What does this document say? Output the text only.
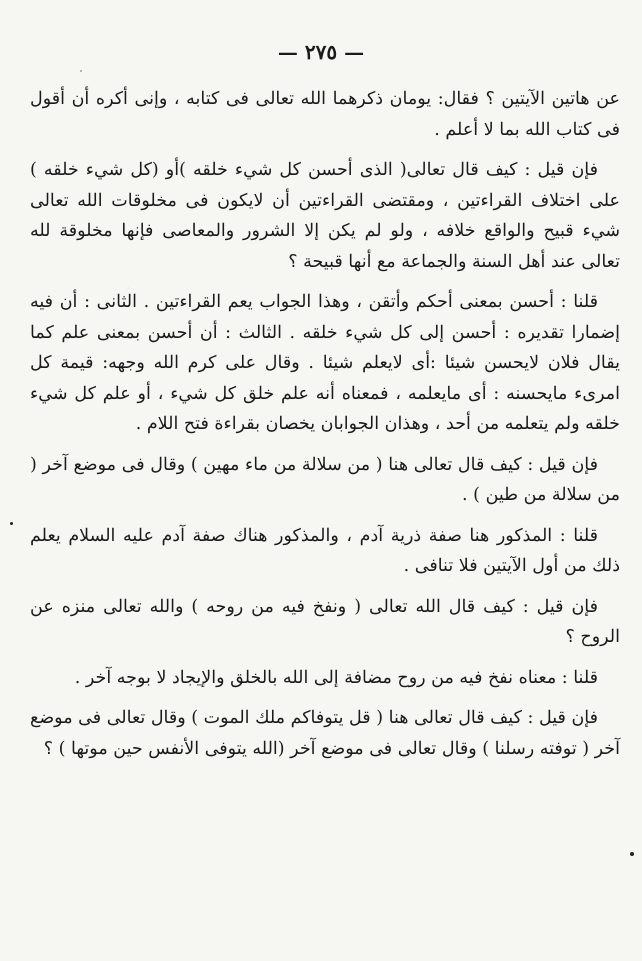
— ٢٧٥ —

عن هاتين الآيتين ؟ فقال: يومان ذكرهما الله تعالى فى كتابه ، وإنى أكره أن أقول فى كتاب الله بما لا أعلم .

فإن قيل : كيف قال تعالى( الذى أحسن كل شيء خلقه )أو (كل شيء خلقه ) على اختلاف القراءتين ، ومقتضى القراءتين أن لايكون فى مخلوقات الله تعالى شيء قبيح والواقع خلافه ، ولو لم يكن إلا الشرور والمعاصى فإنها مخلوقة لله تعالى عند أهل السنة والجماعة مع أنها قبيحة ؟

قلنا : أحسن بمعنى أحكم وأتقن ، وهذا الجواب يعم القراءتين . الثانى : أن فيه إضمارا تقديره : أحسن إلى كل شيء خلقه . الثالث : أن أحسن بمعنى علم كما يقال فلان لايحسن شيئا :أى لايعلم شيئا . وقال على كرم الله وجهه: قيمة كل امرىء مايحسنه : أى مايعلمه ، فمعناه أنه علم خلق كل شيء ، أو علم كل شيء خلقه ولم يتعلمه من أحد ، وهذان الجوابان يخصان بقراءة فتح اللام .

فإن قيل : كيف قال تعالى هنا ( من سلالة من ماء مهين ) وقال فى موضع آخر ( من سلالة من طين ) .

قلنا : المذكور هنا صفة ذرية آدم ، والمذكور هناك صفة آدم عليه السلام يعلم ذلك من أول الآيتين فلا تنافى .

فإن قيل : كيف قال الله تعالى ( ونفخ فيه من روحه ) والله تعالى منزه عن الروح ؟

قلنا : معناه نفخ فيه من روح مضافة إلى الله بالخلق والإيجاد لا بوجه آخر .

فإن قيل : كيف قال تعالى هنا ( قل يتوفاكم ملك الموت ) وقال تعالى فى موضع آخر ( توفته رسلنا ) وقال تعالى فى موضع آخر (الله يتوفى الأنفس حين موتها ) ؟
